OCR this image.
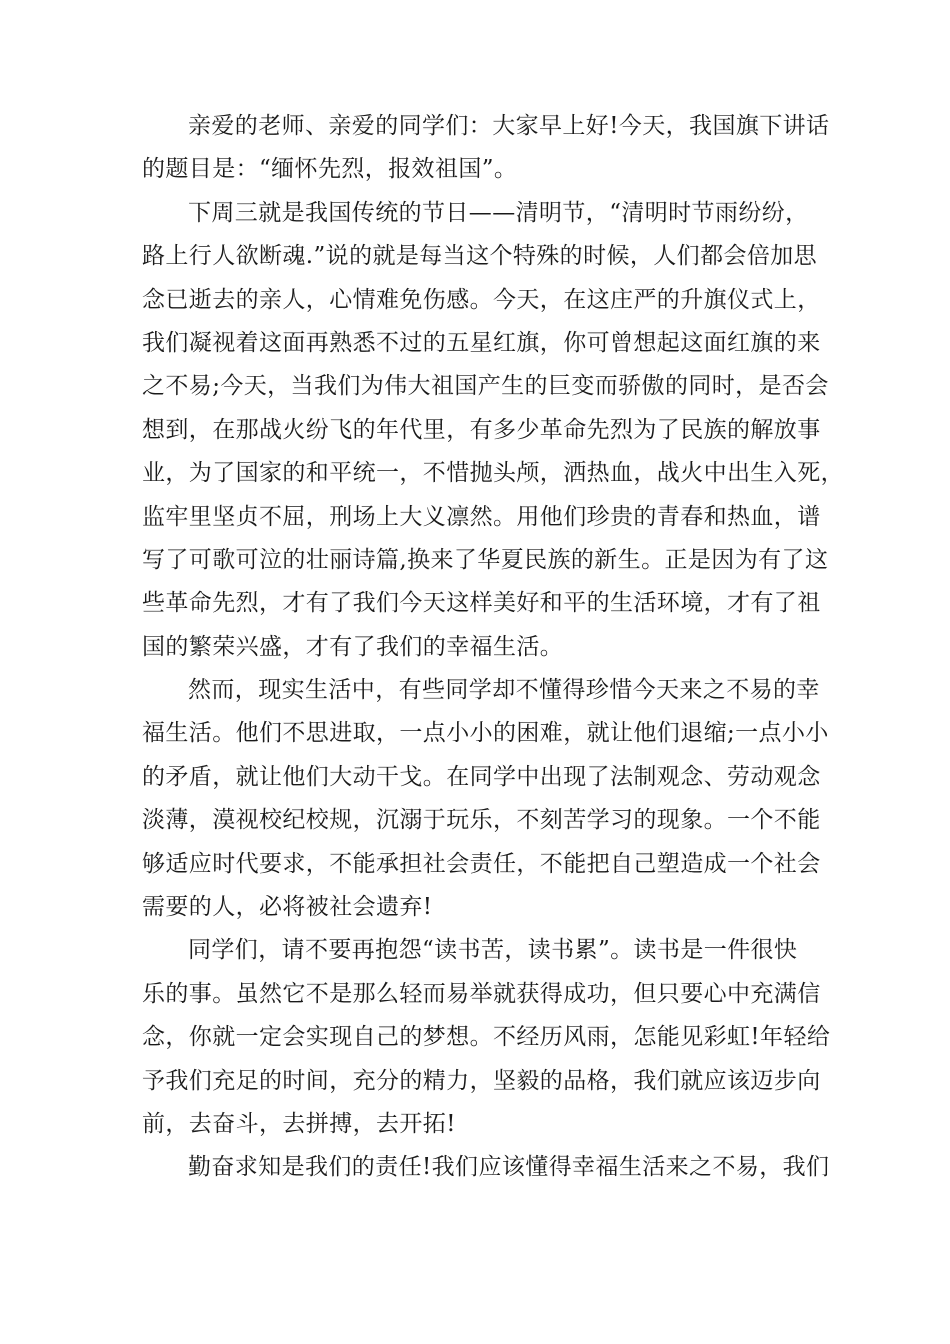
亲爱的老师、亲爱的同学们：大家早上好!今天，我国旗下讲话
的题目是：“缅怀先烈，报效祖国”。
下周三就是我国传统的节日——清明节，“清明时节雨纷纷，
路上行人欲断魂.”说的就是每当这个特殊的时候，人们都会倍加思
念已逝去的亲人，心情难免伤感。今天，在这庄严的升旗仪式上，
我们凝视着这面再熟悉不过的五星红旗，你可曾想起这面红旗的来
之不易;今天，当我们为伟大祖国产生的巨变而骄傲的同时，是否会
想到，在那战火纷飞的年代里，有多少革命先烈为了民族的解放事
业，为了国家的和平统一，不惜抛头颅，洒热血，战火中出生入死，
监牢里坚贞不屈，刑场上大义凛然。用他们珍贵的青春和热血，谱
写了可歌可泣的壮丽诗篇,换来了华夏民族的新生。正是因为有了这
些革命先烈，才有了我们今天这样美好和平的生活环境，才有了祖
国的繁荣兴盛，才有了我们的幸福生活。
然而，现实生活中，有些同学却不懂得珍惜今天来之不易的幸
福生活。他们不思进取，一点小小的困难，就让他们退缩;一点小小
的矛盾，就让他们大动干戈。在同学中出现了法制观念、劳动观念
淡薄，漠视校纪校规，沉溺于玩乐，不刻苦学习的现象。一个不能
够适应时代要求，不能承担社会责任，不能把自己塑造成一个社会
需要的人，必将被社会遗弃!
同学们，请不要再抱怨“读书苦，读书累”。读书是一件很快
乐的事。虽然它不是那么轻而易举就获得成功，但只要心中充满信
念，你就一定会实现自己的梦想。不经历风雨，怎能见彩虹!年轻给
予我们充足的时间，充分的精力，坚毅的品格，我们就应该迈步向
前，去奋斗，去拼搏，去开拓!
勤奋求知是我们的责任!我们应该懂得幸福生活来之不易，我们
